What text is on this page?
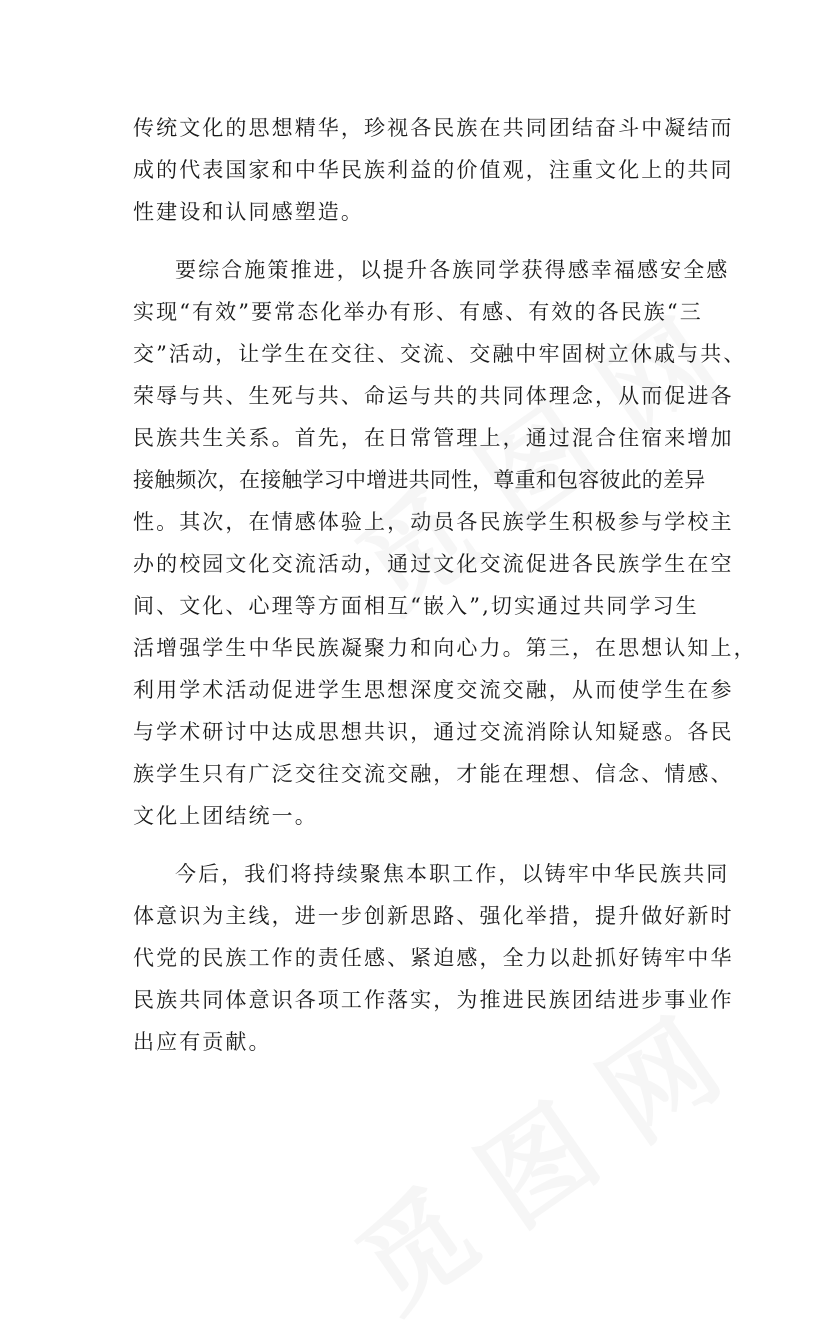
传统文化的思想精华，珍视各民族在共同团结奋斗中凝结而
成的代表国家和中华民族利益的价值观，注重文化上的共同
性建设和认同感塑造。
要综合施策推进，以提升各族同学获得感幸福感安全感
实现“有效”要常态化举办有形、有感、有效的各民族“三
交”活动，让学生在交往、交流、交融中牢固树立休戚与共、
荣辱与共、生死与共、命运与共的共同体理念，从而促进各
民族共生关系。首先，在日常管理上，通过混合住宿来增加
接触频次，在接触学习中增进共同性，尊重和包容彼此的差异
性。其次，在情感体验上，动员各民族学生积极参与学校主
办的校园文化交流活动，通过文化交流促进各民族学生在空
间、文化、心理等方面相互“嵌入”,切实通过共同学习生
活增强学生中华民族凝聚力和向心力。第三，在思想认知上，
利用学术活动促进学生思想深度交流交融，从而使学生在参
与学术研讨中达成思想共识，通过交流消除认知疑惑。各民
族学生只有广泛交往交流交融，才能在理想、信念、情感、
文化上团结统一。
今后，我们将持续聚焦本职工作，以铸牢中华民族共同
体意识为主线，进一步创新思路、强化举措，提升做好新时
代党的民族工作的责任感、紧迫感，全力以赴抓好铸牢中华
民族共同体意识各项工作落实，为推进民族团结进步事业作
出应有贡献。
